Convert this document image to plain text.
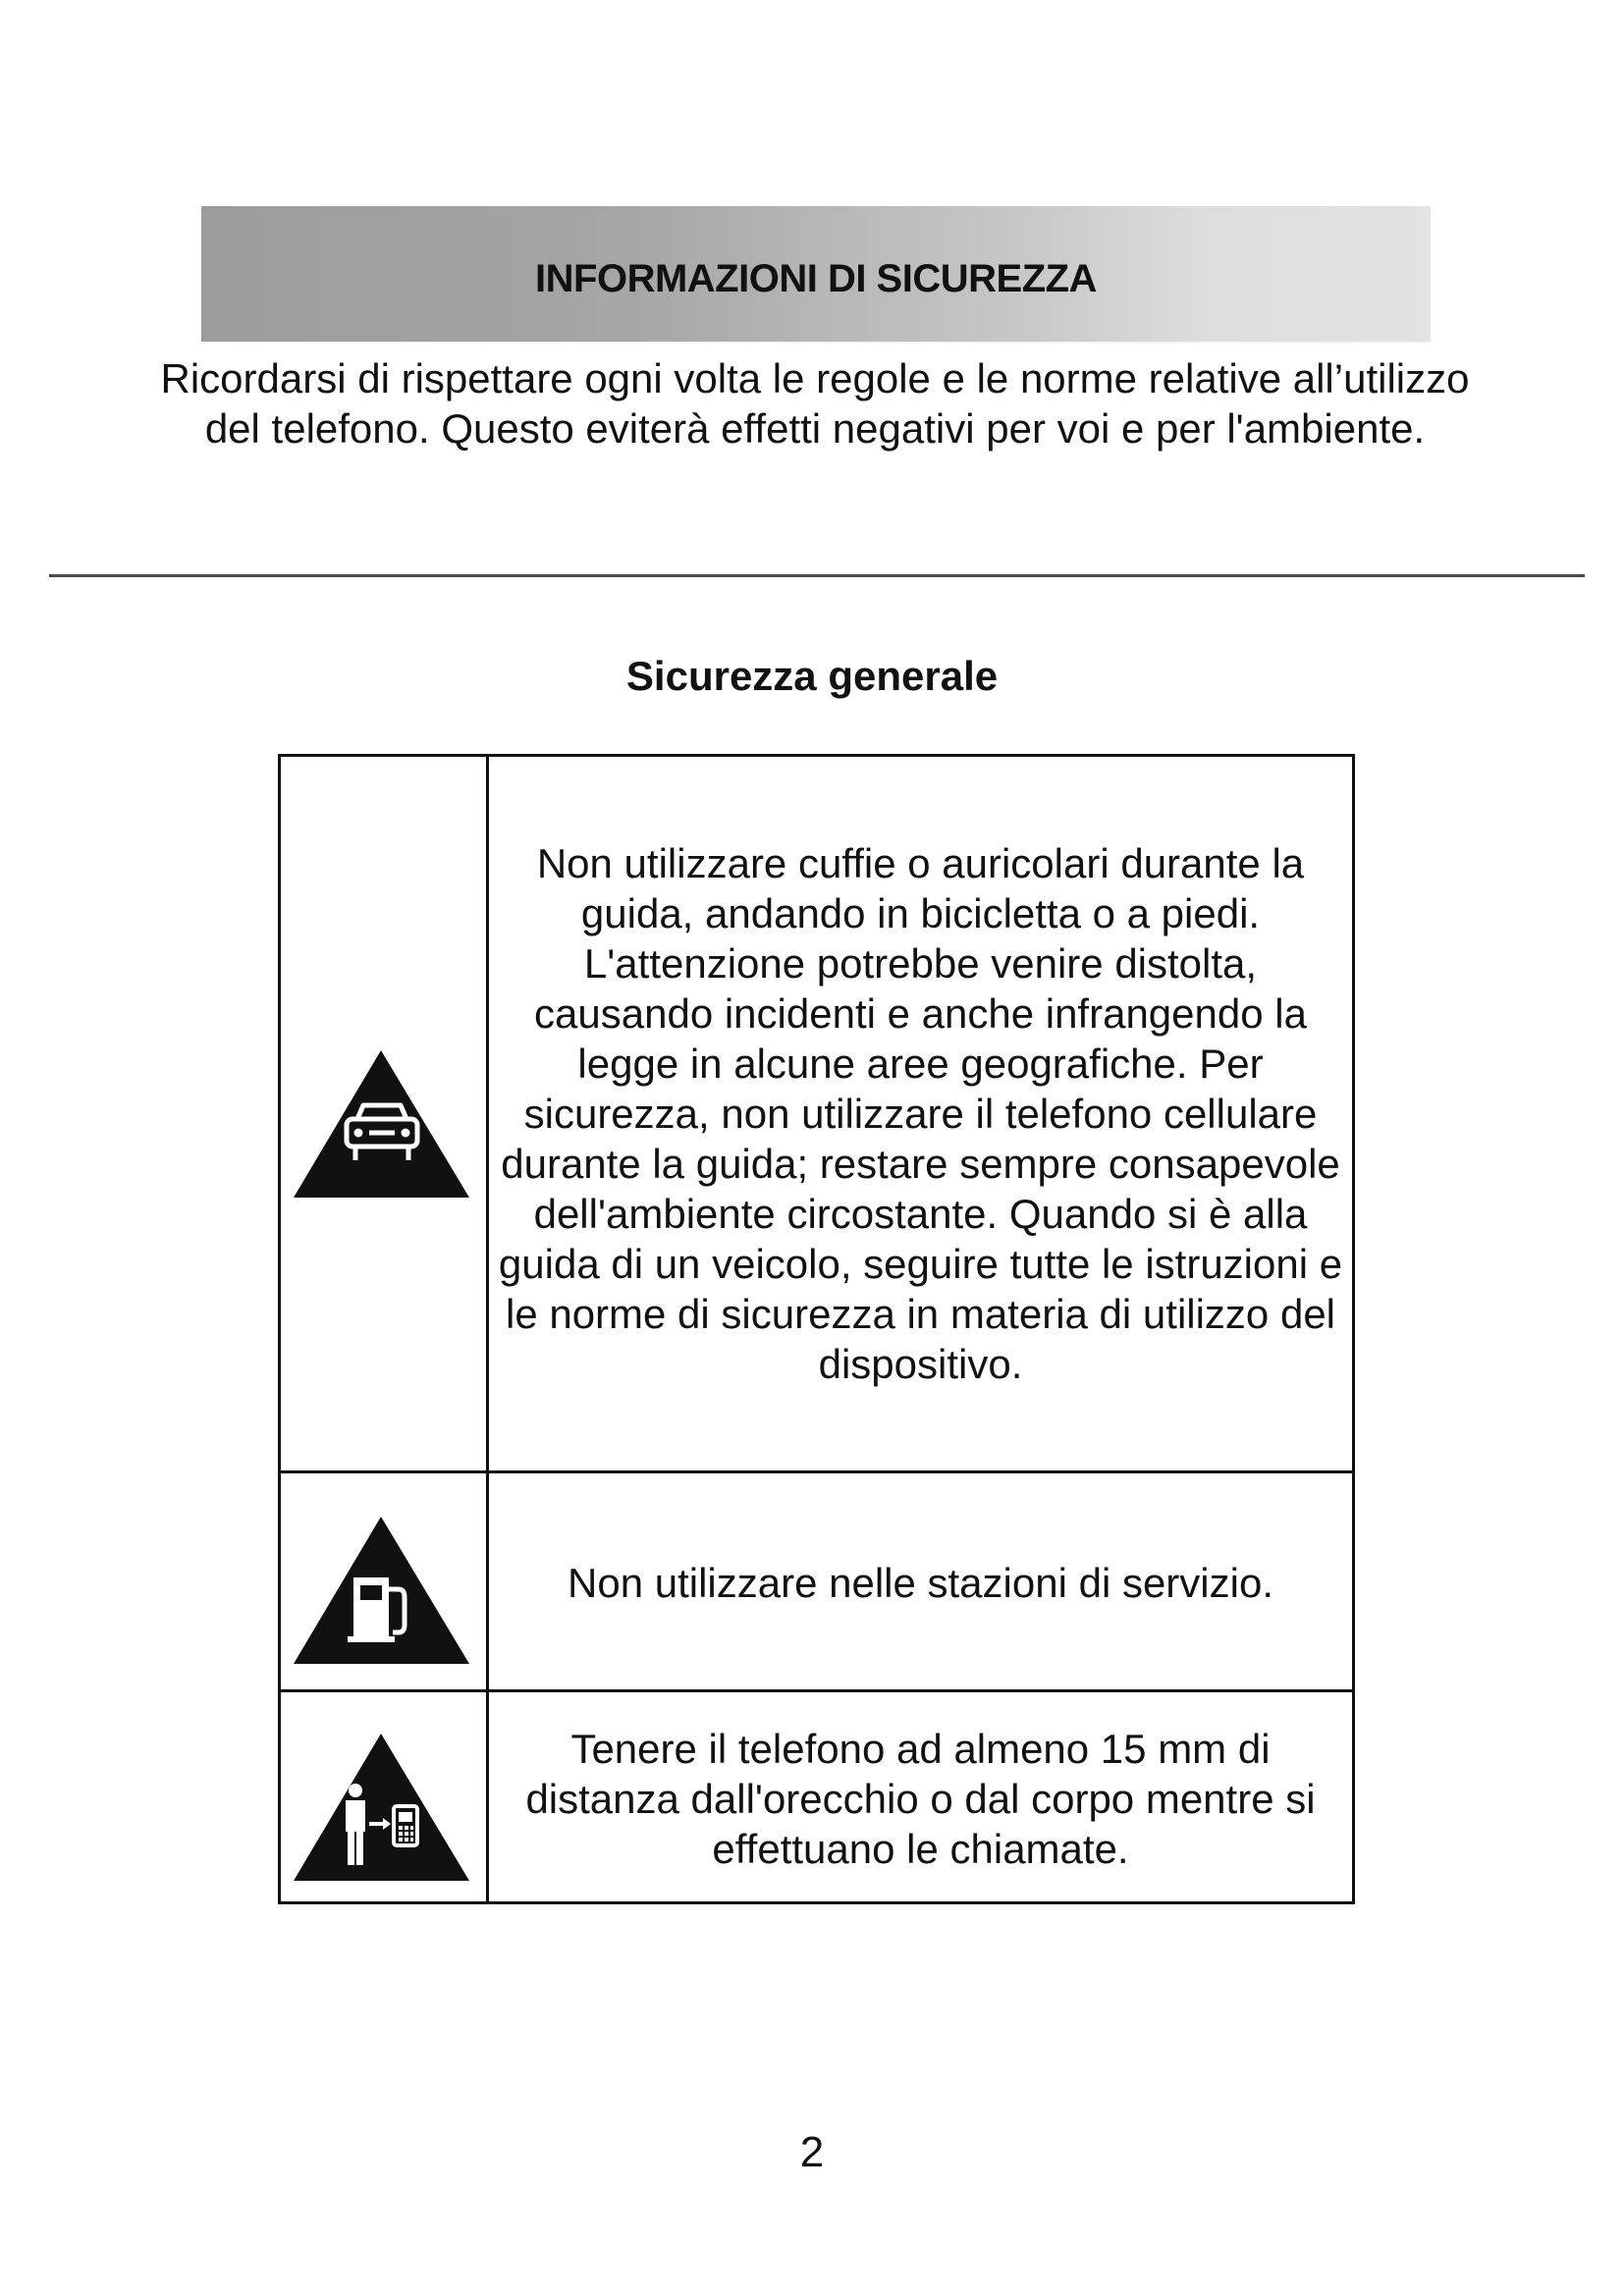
INFORMAZIONI DI SICUREZZA
Ricordarsi di rispettare ogni volta le regole e le norme relative all’utilizzo del telefono. Questo eviterà effetti negativi per voi e per l'ambiente.
Sicurezza generale
Non utilizzare cuffie o auricolari durante la guida, andando in bicicletta o a piedi. L'attenzione potrebbe venire distolta, causando incidenti e anche infrangendo la legge in alcune aree geografiche. Per sicurezza, non utilizzare il telefono cellulare durante la guida; restare sempre consapevole dell'ambiente circostante. Quando si è alla guida di un veicolo, seguire tutte le istruzioni e le norme di sicurezza in materia di utilizzo del dispositivo.
Non utilizzare nelle stazioni di servizio.
Tenere il telefono ad almeno 15 mm di distanza dall'orecchio o dal corpo mentre si effettuano le chiamate.
2
